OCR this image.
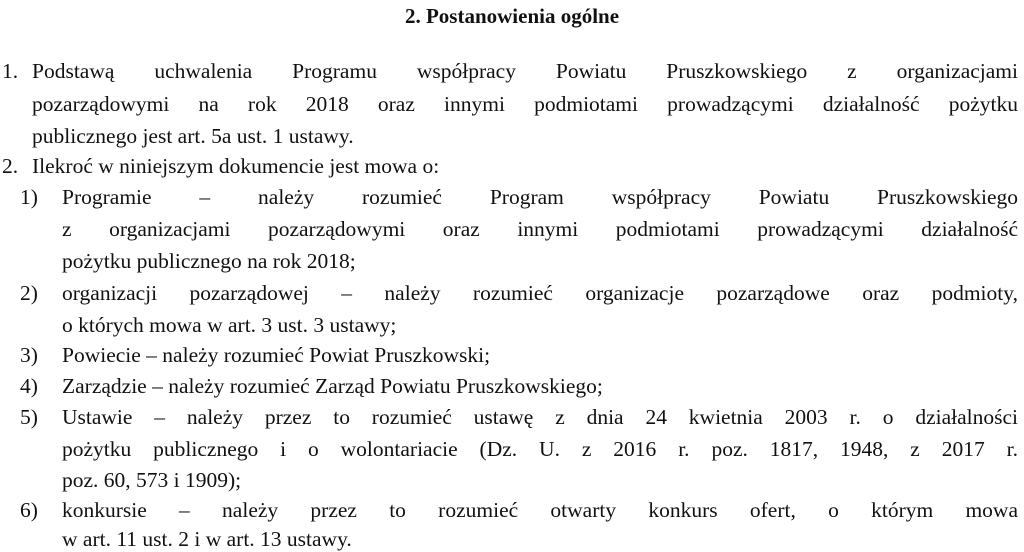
2. Postanowienia ogólne
1. Podstawą uchwalenia Programu współpracy Powiatu Pruszkowskiego z organizacjami
pozarządowymi na rok 2018 oraz innymi podmiotami prowadzącymi działalność pożytku
publicznego jest art. 5a ust. 1 ustawy.
2. Ilekroć w niniejszym dokumencie jest mowa o:
1) Programie – należy rozumieć Program współpracy Powiatu Pruszkowskiego
z organizacjami pozarządowymi oraz innymi podmiotami prowadzącymi działalność
pożytku publicznego na rok 2018;
2) organizacji pozarządowej – należy rozumieć organizacje pozarządowe oraz podmioty,
o których mowa w art. 3 ust. 3 ustawy;
3) Powiecie – należy rozumieć Powiat Pruszkowski;
4) Zarządzie – należy rozumieć Zarząd Powiatu Pruszkowskiego;
5) Ustawie – należy przez to rozumieć ustawę z dnia 24 kwietnia 2003 r. o działalności
pożytku publicznego i o wolontariacie (Dz. U. z 2016 r. poz. 1817, 1948, z 2017 r.
poz. 60, 573 i 1909);
6) konkursie – należy przez to rozumieć otwarty konkurs ofert, o którym mowa
w art. 11 ust. 2 i w art. 13 ustawy.
